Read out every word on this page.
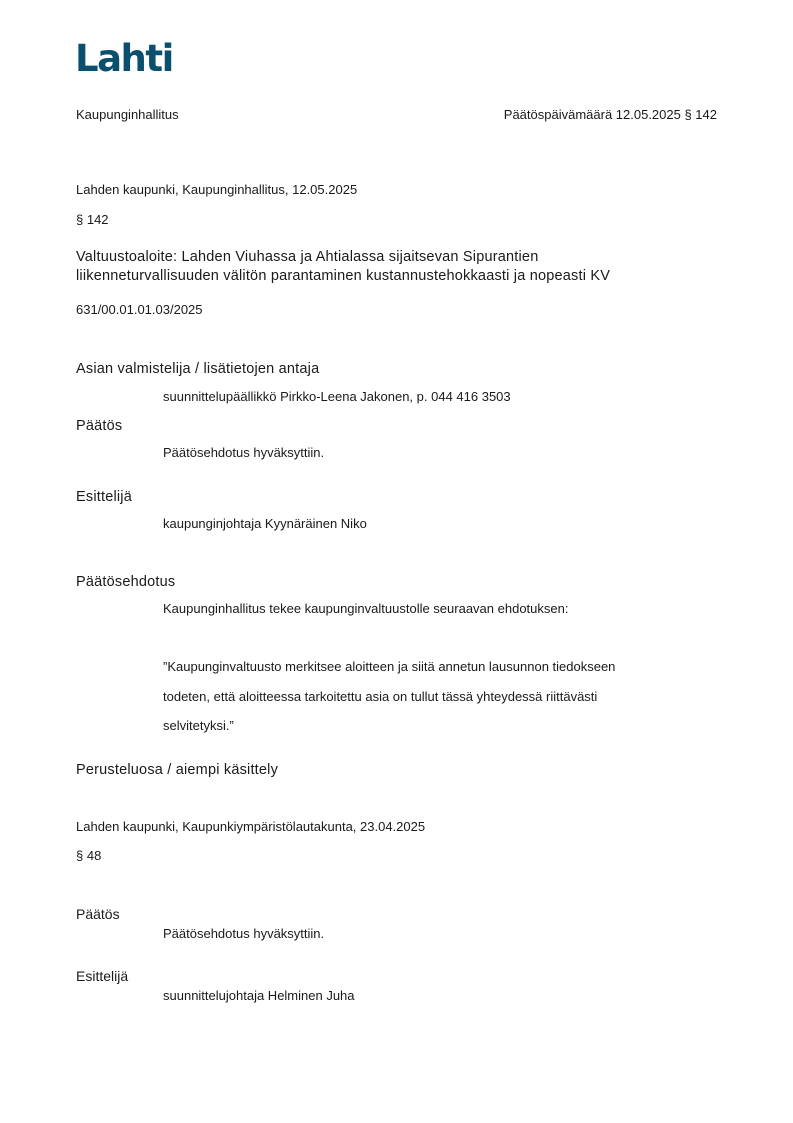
Lahti
Kaupunginhallitus	Päätöspäivämäärä 12.05.2025 § 142
Lahden kaupunki, Kaupunginhallitus, 12.05.2025
§ 142
Valtuustoaloite: Lahden Viuhassa ja Ahtialassa sijaitsevan Sipurantien
liikenneturvallisuuden välitön parantaminen kustannustehokkaasti ja nopeasti KV
631/00.01.01.03/2025
Asian valmistelija / lisätietojen antaja
suunnittelupäällikkö Pirkko-Leena Jakonen, p. 044 416 3503
Päätös
Päätösehdotus hyväksyttiin.
Esittelijä
kaupunginjohtaja Kyynäräinen Niko
Päätösehdotus
Kaupunginhallitus tekee kaupunginvaltuustolle seuraavan ehdotuksen:
”Kaupunginvaltuusto merkitsee aloitteen ja siitä annetun lausunnon tiedokseen
todeten, että aloitteessa tarkoitettu asia on tullut tässä yhteydessä riittävästi
selvitetyksi.”
Perusteluosa / aiempi käsittely
Lahden kaupunki, Kaupunkiympäristölautakunta, 23.04.2025
§ 48
Päätös
Päätösehdotus hyväksyttiin.
Esittelijä
suunnittelujohtaja Helminen Juha
